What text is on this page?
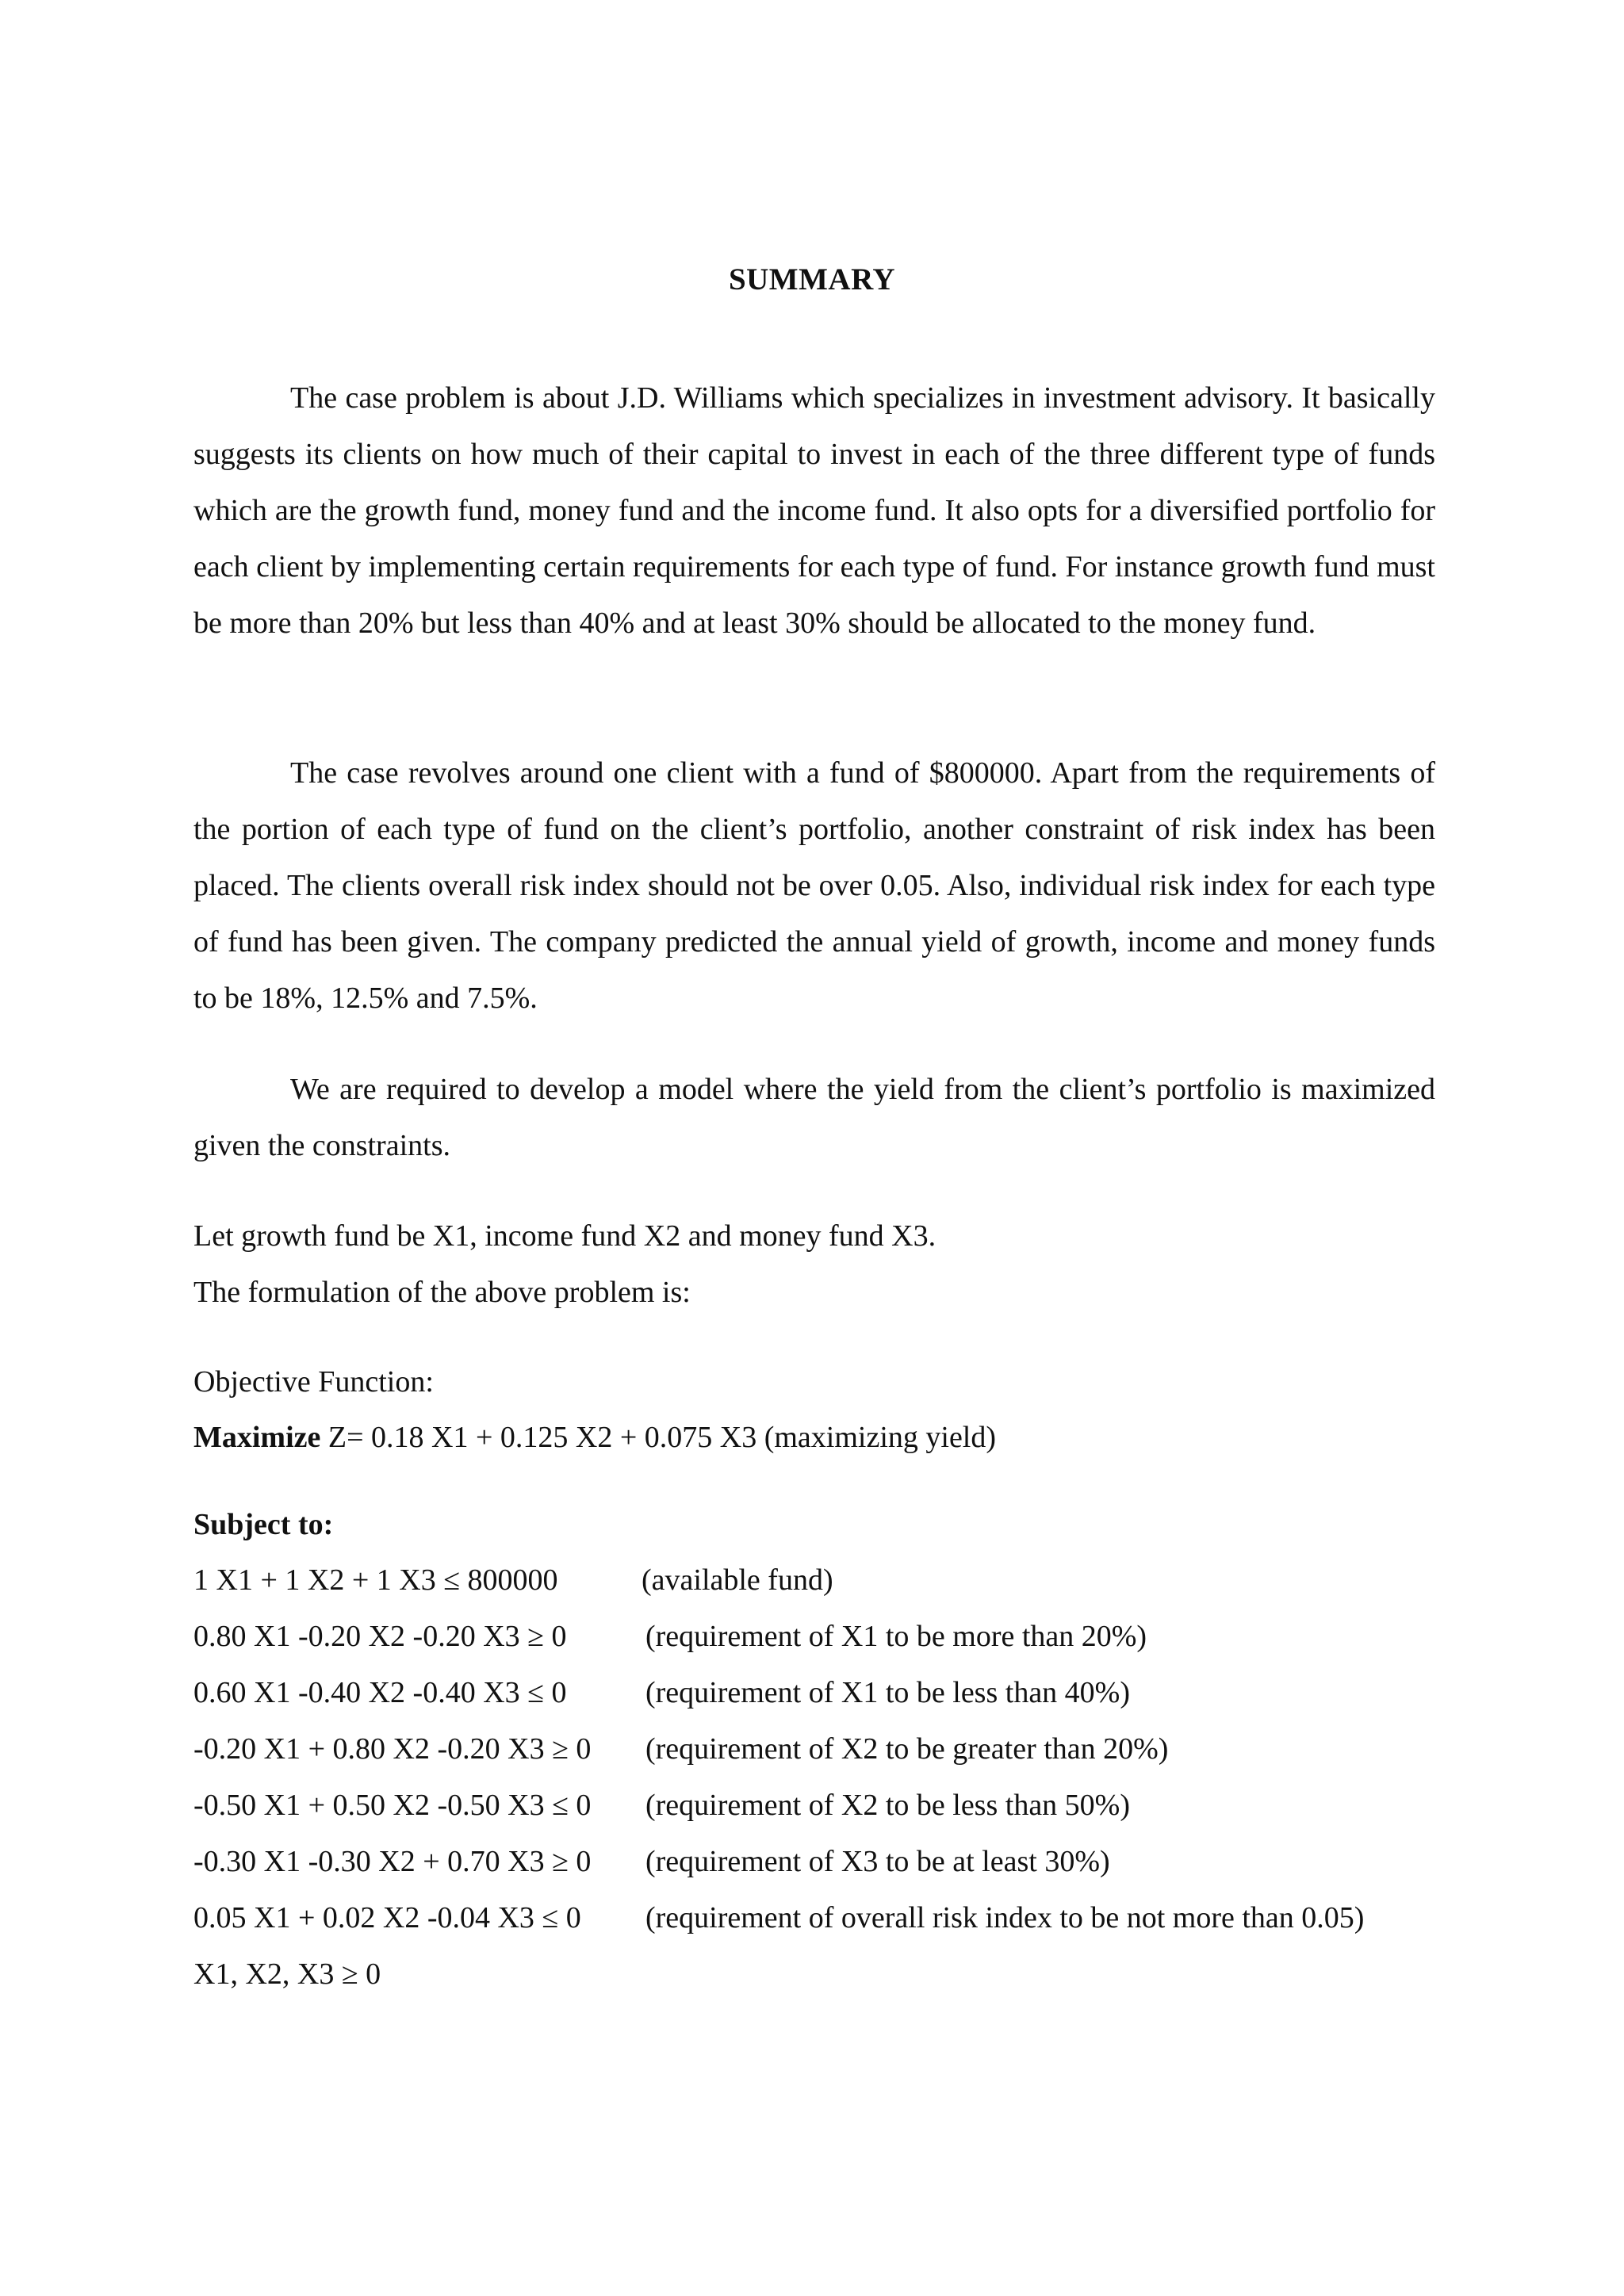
SUMMARY

The case problem is about J.D. Williams which specializes in investment advisory. It basically suggests its clients on how much of their capital to invest in each of the three different type of funds which are the growth fund, money fund and the income fund. It also opts for a diversified portfolio for each client by implementing certain requirements for each type of fund. For instance growth fund must be more than 20% but less than 40% and at least 30% should be allocated to the money fund.

The case revolves around one client with a fund of $800000. Apart from the requirements of the portion of each type of fund on the client’s portfolio, another constraint of risk index has been placed. The clients overall risk index should not be over 0.05. Also, individual risk index for each type of fund has been given. The company predicted the annual yield of growth, income and money funds to be 18%, 12.5% and 7.5%.

We are required to develop a model where the yield from the client’s portfolio is maximized given the constraints.

Let growth fund be X1, income fund X2 and money fund X3.
The formulation of the above problem is:
Objective Function:
Maximize Z= 0.18 X1 + 0.125 X2 + 0.075 X3 (maximizing yield)
Subject to:
1 X1 + 1 X2 + 1 X3 ≤ 800000	(available fund)
0.80 X1 -0.20 X2 -0.20 X3 ≥ 0	(requirement of X1 to be more than 20%)
0.60 X1 -0.40 X2 -0.40 X3 ≤ 0	(requirement of X1 to be less than 40%)
-0.20 X1 + 0.80 X2 -0.20 X3 ≥ 0 (requirement of X2 to be greater than 20%)
-0.50 X1 + 0.50 X2 -0.50 X3 ≤ 0 (requirement of X2 to be less than 50%)
-0.30 X1 -0.30 X2 + 0.70 X3 ≥ 0 (requirement of X3 to be at least 30%)
0.05 X1 + 0.02 X2 -0.04 X3 ≤ 0 (requirement of overall risk index to be not more than 0.05)
X1, X2, X3 ≥ 0
